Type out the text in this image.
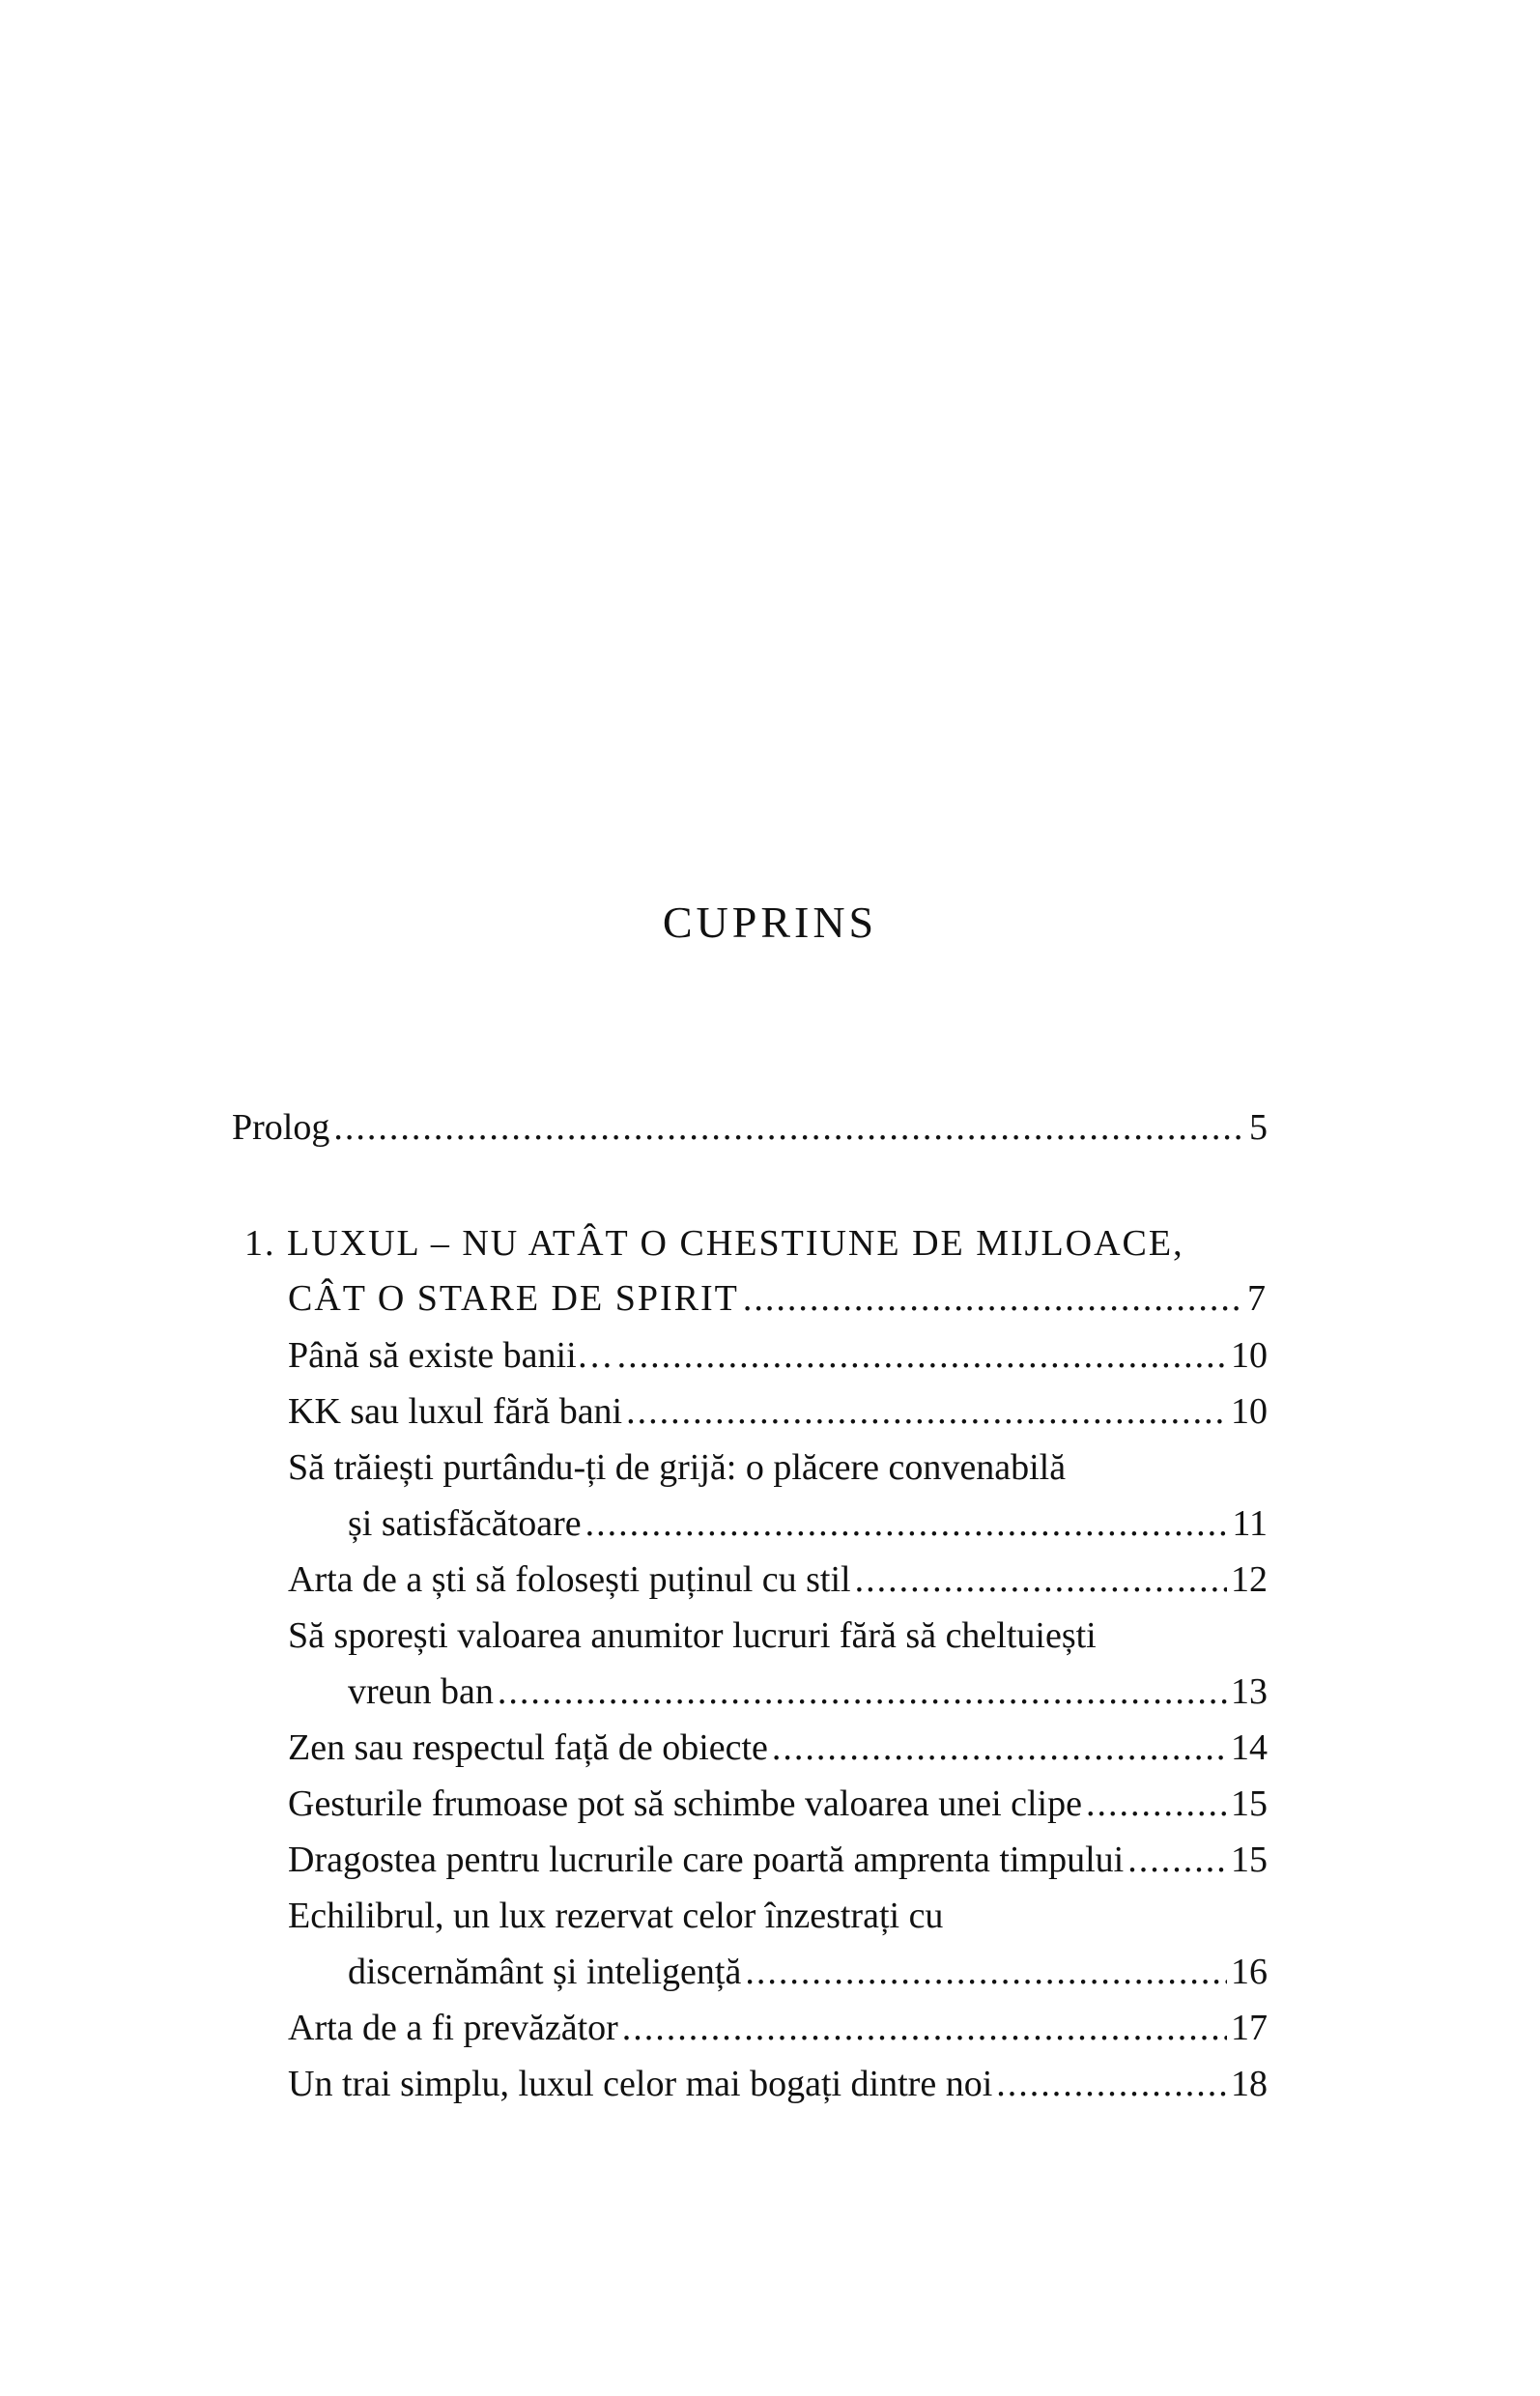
CUPRINS
Prolog .....	5
1. LUXUL – NU ATÂT O CHESTIUNE DE MIJLOACE,
CÂT O STARE DE SPIRIT .....	7
Până să existe banii… .....	10
KK sau luxul fără bani .....	10
Să trăiești purtându-ți de grijă: o plăcere convenabilă
și satisfăcătoare .....	11
Arta de a ști să folosești puținul cu stil .....	12
Să sporești valoarea anumitor lucruri fără să cheltuiești
vreun ban .....	13
Zen sau respectul față de obiecte .....	14
Gesturile frumoase pot să schimbe valoarea unei clipe .....	15
Dragostea pentru lucrurile care poartă amprenta timpului .....	15
Echilibrul, un lux rezervat celor înzestrați cu
discernământ și inteligență .....	16
Arta de a fi prevăzător .....	17
Un trai simplu, luxul celor mai bogați dintre noi .....	18
